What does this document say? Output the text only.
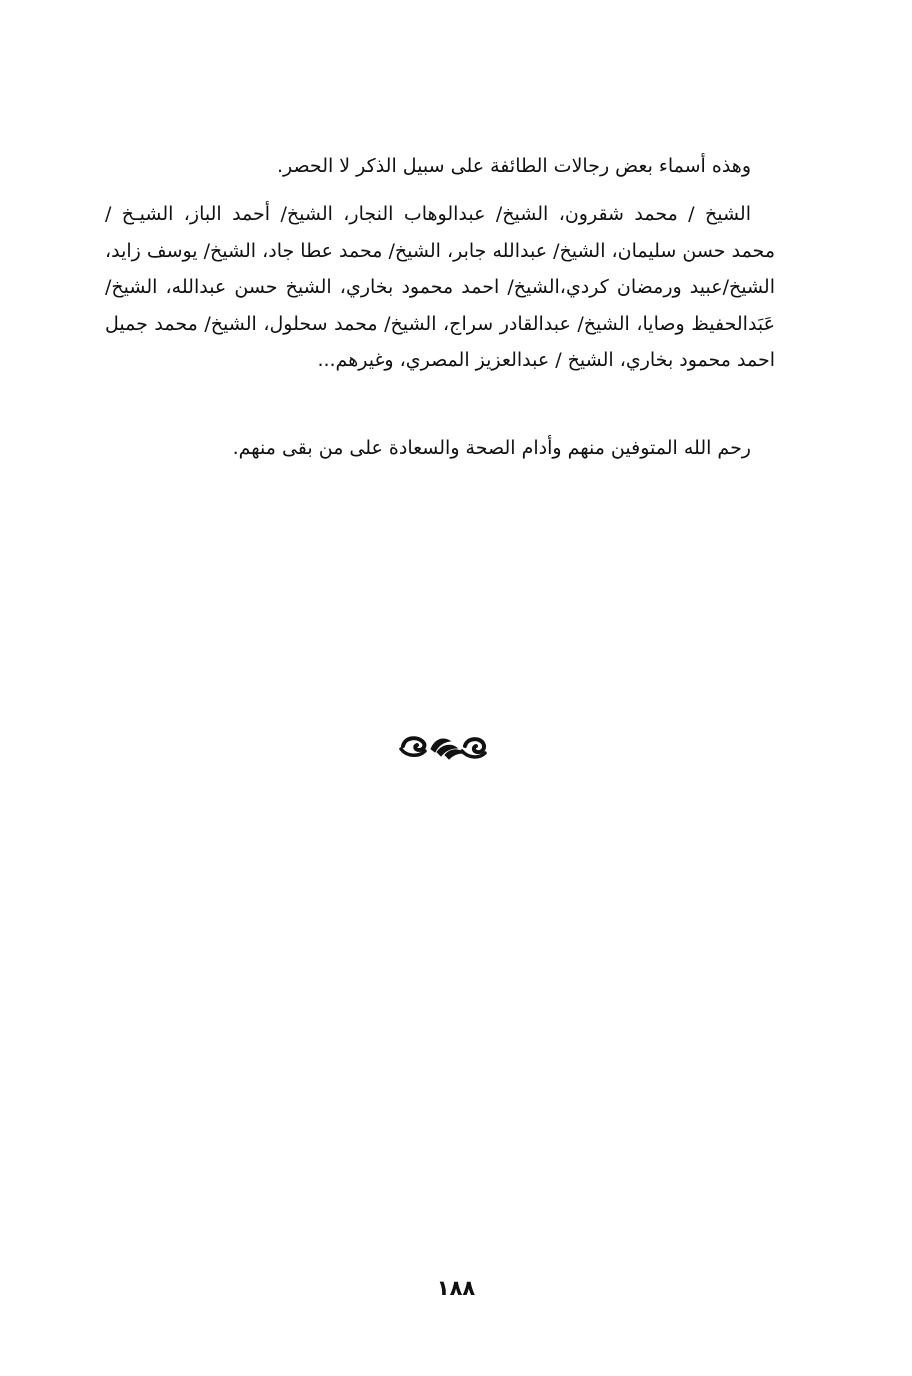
وهذه أسماء بعض رجالات الطائفة على سبيل الذكر لا الحصر.

الشيخ / محمد شقرون، الشيخ/ عبدالوهاب النجار، الشيخ/ أحمد الباز، الشيـخ / محمد حسن سليمان، الشيخ/ عبدالله جابر، الشيخ/ محمد عطا جاد، الشيخ/ يوسف زايد، الشيخ/عبيد ورمضان كردي،الشيخ/ احمد محمود بخاري، الشيخ حسن عبدالله، الشيخ/ عَبَدالحفيظ وصايا، الشيخ/ عبدالقادر سراج، الشيخ/ محمد سحلول، الشيخ/ محمد جميل احمد محمود بخاري، الشيخ / عبدالعزيز المصري، وغيرهم...

رحم الله المتوفين منهم وأدام الصحة والسعادة على من بقى منهم.

١٨٨
